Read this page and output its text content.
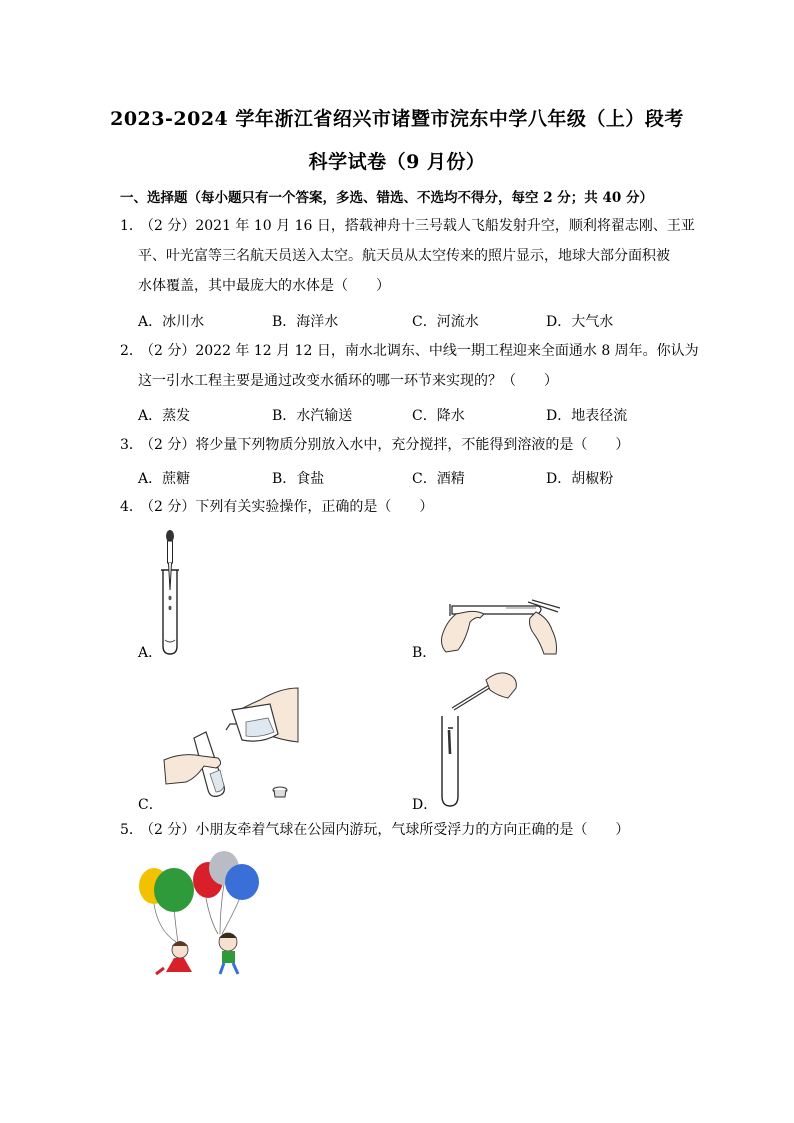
2023-2024 学年浙江省绍兴市诸暨市浣东中学八年级（上）段考
科学试卷（9 月份）
一、选择题（每小题只有一个答案，多选、错选、不选均不得分，每空 2 分；共 40 分）
1．（2 分）2021 年 10 月 16 日，搭载神舟十三号载人飞船发射升空，顺利将翟志刚、王亚
平、叶光富等三名航天员送入太空。航天员从太空传来的照片显示，地球大部分面积被
水体覆盖，其中最庞大的水体是（　　）
A．冰川水	B．海洋水	C．河流水	D．大气水
2．（2 分）2022 年 12 月 12 日，南水北调东、中线一期工程迎来全面通水 8 周年。你认为
这一引水工程主要是通过改变水循环的哪一环节来实现的？（　　）
A．蒸发	B．水汽输送	C．降水	D．地表径流
3．（2 分）将少量下列物质分别放入水中，充分搅拌，不能得到溶液的是（　　）
A．蔗糖	B．食盐	C．酒精	D．胡椒粉
4．（2 分）下列有关实验操作，正确的是（　　）
A．	B．
C．	D．
5．（2 分）小朋友牵着气球在公园内游玩，气球所受浮力的方向正确的是（　　）
